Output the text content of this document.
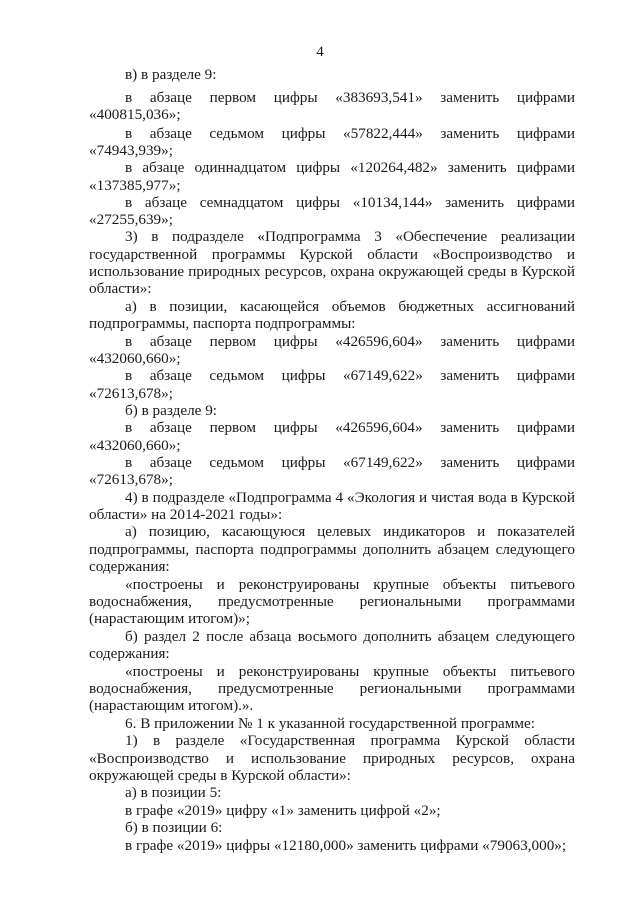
4
в) в разделе 9:
в абзаце первом цифры «383693,541» заменить цифрами
«400815,036»;
в абзаце седьмом цифры «57822,444» заменить цифрами
«74943,939»;
в абзаце одиннадцатом цифры «120264,482» заменить цифрами
«137385,977»;
в абзаце семнадцатом цифры «10134,144» заменить цифрами
«27255,639»;
3) в подразделе «Подпрограмма 3 «Обеспечение реализации
государственной программы Курской области «Воспроизводство и
использование природных ресурсов, охрана окружающей среды в Курской
области»:
а) в позиции, касающейся объемов бюджетных ассигнований
подпрограммы, паспорта подпрограммы:
в абзаце первом цифры «426596,604» заменить цифрами
«432060,660»;
в абзаце седьмом цифры «67149,622» заменить цифрами
«72613,678»;
б) в разделе 9:
в абзаце первом цифры «426596,604» заменить цифрами
«432060,660»;
в абзаце седьмом цифры «67149,622» заменить цифрами
«72613,678»;
4) в подразделе «Подпрограмма 4 «Экология и чистая вода в Курской
области» на 2014-2021 годы»:
а) позицию, касающуюся целевых индикаторов и показателей
подпрограммы, паспорта подпрограммы дополнить абзацем следующего
содержания:
«построены и реконструированы крупные объекты питьевого
водоснабжения, предусмотренные региональными программами
(нарастающим итогом)»;
б) раздел 2 после абзаца восьмого дополнить абзацем следующего
содержания:
«построены и реконструированы крупные объекты питьевого
водоснабжения, предусмотренные региональными программами
(нарастающим итогом).».
6. В приложении № 1 к указанной государственной программе:
1) в разделе «Государственная программа Курской области
«Воспроизводство и использование природных ресурсов, охрана
окружающей среды в Курской области»:
а) в позиции 5:
в графе «2019» цифру «1» заменить цифрой «2»;
б) в позиции 6:
в графе «2019» цифры «12180,000» заменить цифрами «79063,000»;
